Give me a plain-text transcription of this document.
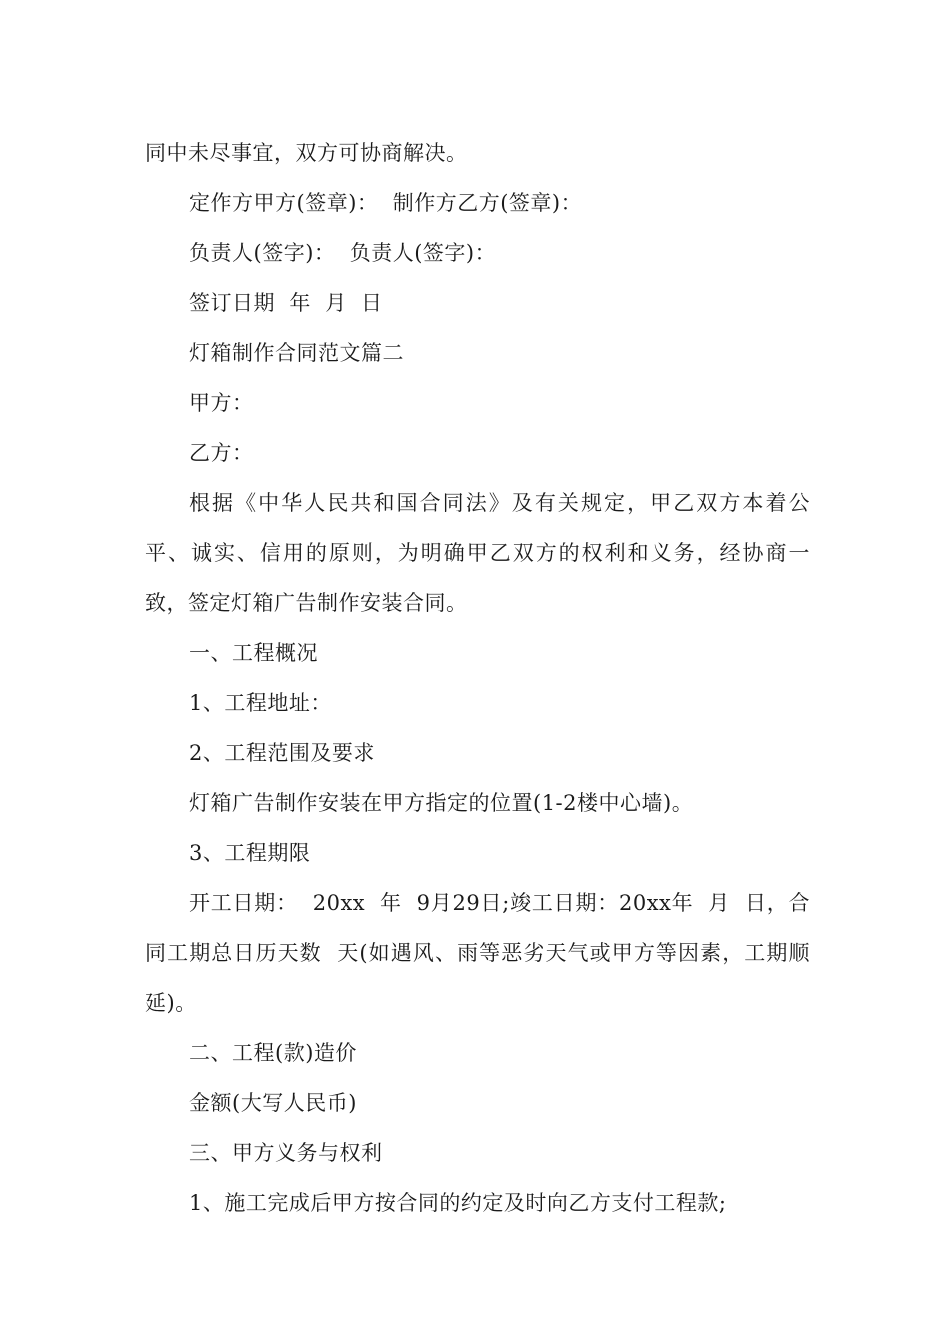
同中未尽事宜，双方可协商解决。

定作方甲方(签章)：  制作方乙方(签章)：

负责人(签字)：  负责人(签字)：

签订日期  年  月  日

灯箱制作合同范文篇二

甲方：

乙方：

根据《中华人民共和国合同法》及有关规定，甲乙双方本着公平、诚实、信用的原则，为明确甲乙双方的权利和义务，经协商一致，签定灯箱广告制作安装合同。

一、工程概况

1、工程地址：

2、工程范围及要求

灯箱广告制作安装在甲方指定的位置(1-2楼中心墙)。

3、工程期限

开工日期：  20xx  年  9月29日;竣工日期：20xx年  月  日，合同工期总日历天数  天(如遇风、雨等恶劣天气或甲方等因素，工期顺延)。

二、工程(款)造价

金额(大写人民币)

三、甲方义务与权利

1、施工完成后甲方按合同的约定及时向乙方支付工程款;
